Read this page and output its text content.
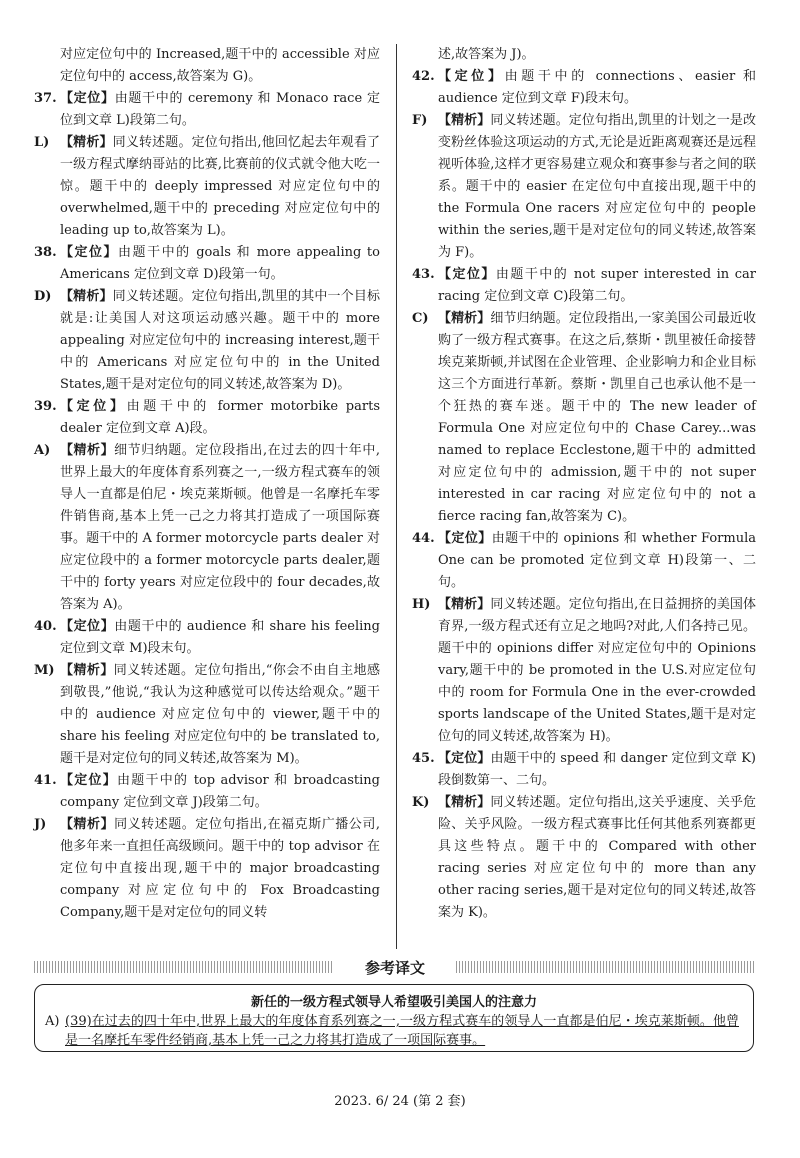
对应定位句中的 Increased,题干中的 accessible 对应定位句中的 access,故答案为 G)。
37. 【定位】由题干中的 ceremony 和 Monaco race 定位到文章 L)段第二句。
L) 【精析】同义转述题。定位句指出,他回忆起去年观看了一级方程式摩纳哥站的比赛,比赛前的仪式就令他大吃一惊。题干中的 deeply impressed 对应定位句中的 overwhelmed,题干中的 preceding 对应定位句中的 leading up to,故答案为 L)。
38. 【定位】由题干中的 goals 和 more appealing to Americans 定位到文章 D)段第一句。
D) 【精析】同义转述题。定位句指出,凯里的其中一个目标就是:让美国人对这项运动感兴趣。题干中的 more appealing 对应定位句中的 increasing interest,题干中的 Americans 对应定位句中的 in the United States,题干是对定位句的同义转述,故答案为 D)。
39. 【定位】由题干中的 former motorbike parts dealer 定位到文章 A)段。
A) 【精析】细节归纳题。定位段指出,在过去的四十年中,世界上最大的年度体育系列赛之一,一级方程式赛车的领导人一直都是伯尼・埃克莱斯顿。他曾是一名摩托车零件销售商,基本上凭一己之力将其打造成了一项国际赛事。题干中的 A former motorcycle parts dealer 对应定位段中的 a former motorcycle parts dealer,题干中的 forty years 对应定位段中的 four decades,故答案为 A)。
40. 【定位】由题干中的 audience 和 share his feeling 定位到文章 M)段末句。
M) 【精析】同义转述题。定位句指出,“你会不由自主地感到敬畏,”他说,“我认为这种感觉可以传达给观众。”题干中的 audience 对应定位句中的 viewer,题干中的 share his feeling 对应定位句中的 be translated to,题干是对定位句的同义转述,故答案为 M)。
41. 【定位】由题干中的 top advisor 和 broadcasting company 定位到文章 J)段第二句。
J) 【精析】同义转述题。定位句指出,在福克斯广播公司,他多年来一直担任高级顾问。题干中的 top advisor 在定位句中直接出现,题干中的 major broadcasting company 对应定位句中的 Fox Broadcasting Company,题干是对定位句的同义转
述,故答案为 J)。
42. 【定位】由题干中的 connections、easier 和 audience 定位到文章 F)段末句。
F) 【精析】同义转述题。定位句指出,凯里的计划之一是改变粉丝体验这项运动的方式,无论是近距离观赛还是远程视听体验,这样才更容易建立观众和赛事参与者之间的联系。题干中的 easier 在定位句中直接出现,题干中的 the Formula One racers 对应定位句中的 people within the series,题干是对定位句的同义转述,故答案为 F)。
43. 【定位】由题干中的 not super interested in car racing 定位到文章 C)段第二句。
C) 【精析】细节归纳题。定位段指出,一家美国公司最近收购了一级方程式赛事。在这之后,蔡斯・凯里被任命接替埃克莱斯顿,并试图在企业管理、企业影响力和企业目标这三个方面进行革新。蔡斯・凯里自己也承认他不是一个狂热的赛车迷。题干中的 The new leader of Formula One 对应定位句中的 Chase Carey...was named to replace Ecclestone,题干中的 admitted 对应定位句中的 admission,题干中的 not super interested in car racing 对应定位句中的 not a fierce racing fan,故答案为 C)。
44. 【定位】由题干中的 opinions 和 whether Formula One can be promoted 定位到文章 H)段第一、二句。
H) 【精析】同义转述题。定位句指出,在日益拥挤的美国体育界,一级方程式还有立足之地吗?对此,人们各持己见。题干中的 opinions differ 对应定位句中的 Opinions vary,题干中的 be promoted in the U.S.对应定位句中的 room for Formula One in the ever-crowded sports landscape of the United States,题干是对定位句的同义转述,故答案为 H)。
45. 【定位】由题干中的 speed 和 danger 定位到文章 K)段倒数第一、二句。
K) 【精析】同义转述题。定位句指出,这关乎速度、关乎危险、关乎风险。一级方程式赛事比任何其他系列赛都更具这些特点。题干中的 Compared with other racing series 对应定位句中的 more than any other racing series,题干是对定位句的同义转述,故答案为 K)。
参考译文
新任的一级方程式领导人希望吸引美国人的注意力
A) (39)在过去的四十年中,世界上最大的年度体育系列赛之一,一级方程式赛车的领导人一直都是伯尼・埃克莱斯顿。他曾是一名摩托车零件经销商,基本上凭一己之力将其打造成了一项国际赛事。
2023. 6/ 24 (第 2 套)
